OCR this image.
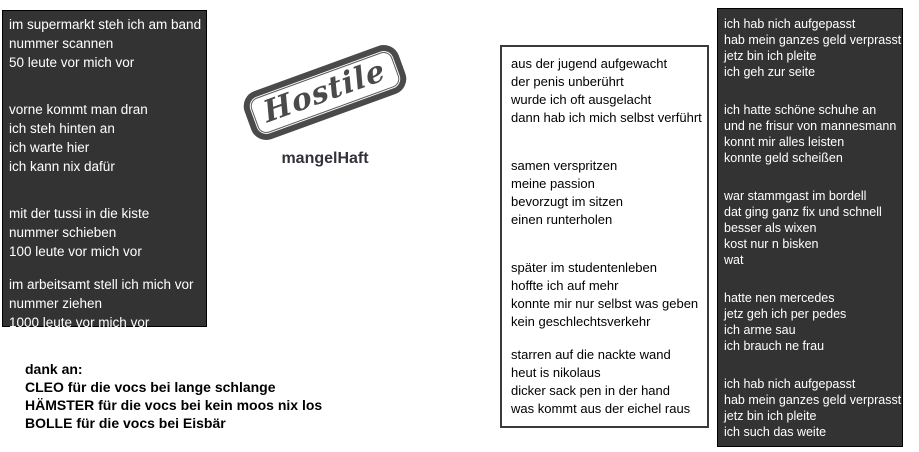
im supermarkt steh ich am band
nummer scannen
50 leute vor mich vor
vorne kommt man dran
ich steh hinten an
ich warte hier
ich kann nix dafür
mit der tussi in die kiste
nummer schieben
100 leute vor mich vor
im arbeitsamt stell ich mich vor
nummer ziehen
1000 leute vor mich vor
Hostile
mangelHaft
aus der jugend aufgewacht
der penis unberührt
wurde ich oft ausgelacht
dann hab ich mich selbst verführt
samen verspritzen
meine passion
bevorzugt im sitzen
einen runterholen
später im studentenleben
hoffte ich auf mehr
konnte mir nur selbst was geben
kein geschlechtsverkehr
starren auf die nackte wand
heut is nikolaus
dicker sack pen in der hand
was kommt aus der eichel raus
ich hab nich aufgepasst
hab mein ganzes geld verprasst
jetz bin ich pleite
ich geh zur seite
ich hatte schöne schuhe an
und ne frisur von mannesmann
konnt mir alles leisten
konnte geld scheißen
war stammgast im bordell
dat ging ganz fix und schnell
besser als wixen
kost nur n bisken
wat
hatte nen mercedes
jetz geh ich per pedes
ich arme sau
ich brauch ne frau
ich hab nich aufgepasst
hab mein ganzes geld verprasst
jetz bin ich pleite
ich such das weite
dank an:
CLEO für die vocs bei lange schlange
HÄMSTER für die vocs bei kein moos nix los
BOLLE für die vocs bei Eisbär
